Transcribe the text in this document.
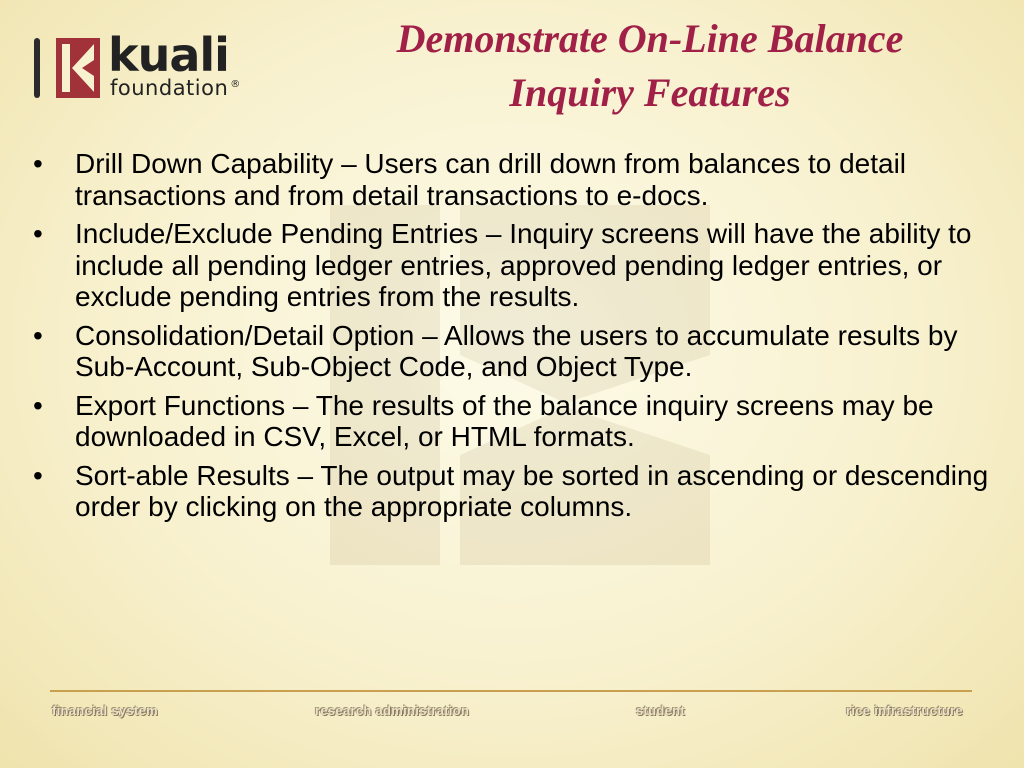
kuali
foundation ®
Demonstrate On-Line Balance
Inquiry Features
• Drill Down Capability – Users can drill down from balances to detail transactions and from detail transactions to e-docs.
• Include/Exclude Pending Entries – Inquiry screens will have the ability to include all pending ledger entries, approved pending ledger entries, or exclude pending entries from the results.
• Consolidation/Detail Option – Allows the users to accumulate results by Sub-Account, Sub-Object Code, and Object Type.
• Export Functions – The results of the balance inquiry screens may be downloaded in CSV, Excel, or HTML formats.
• Sort-able Results – The output may be sorted in ascending or descending order by clicking on the appropriate columns.
financial system	research administration	student	rice infrastructure
